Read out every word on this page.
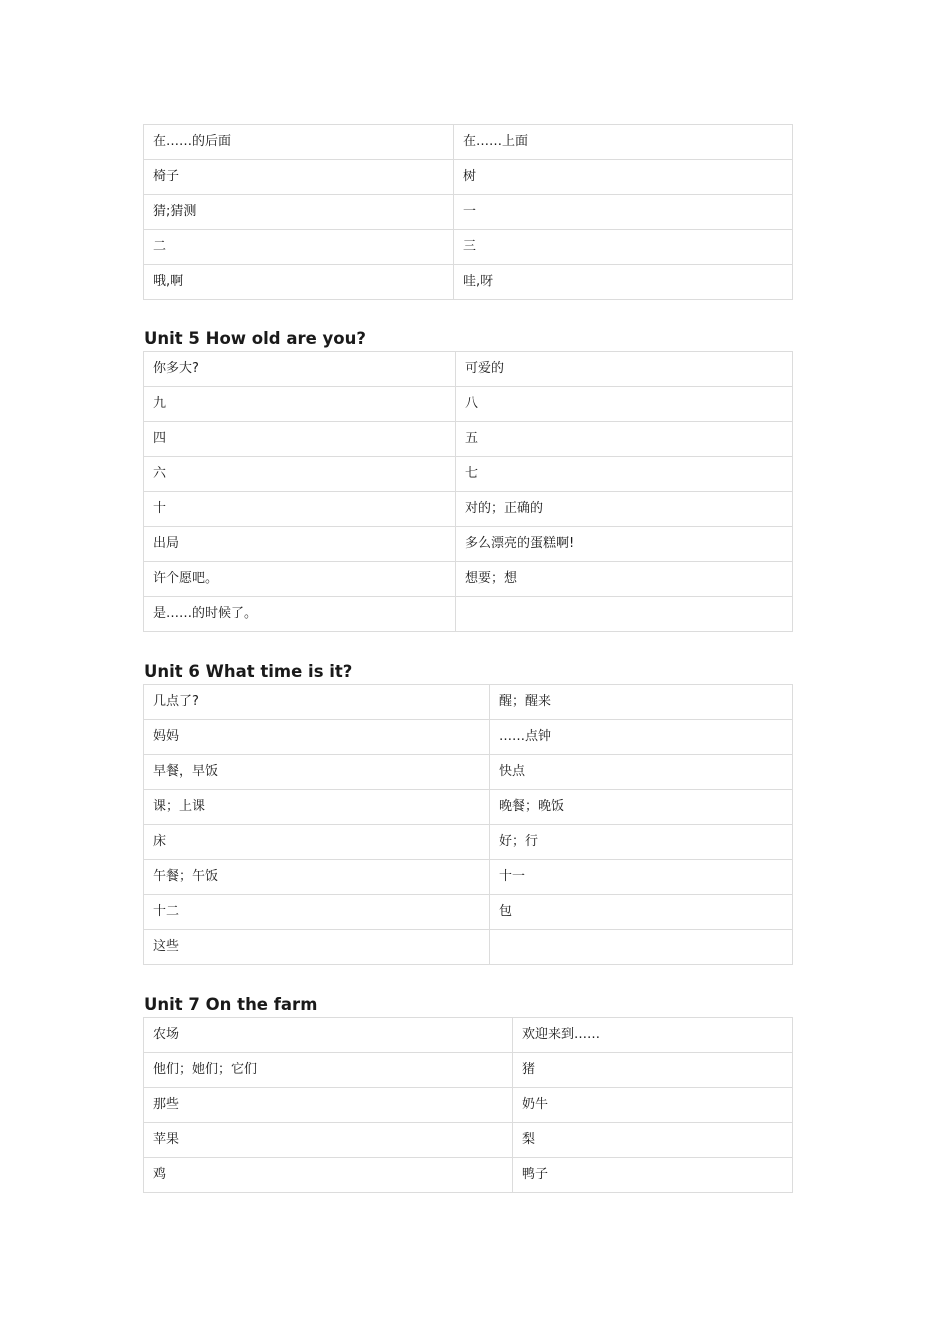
在……的后面	在……上面
椅子	树
猜;猜测	一
二	三
哦,啊	哇,呀
Unit 5 How old are you?
你多大?	可爱的
九	八
四	五
六	七
十	对的；正确的
出局	多么漂亮的蛋糕啊!
许个愿吧。	想要；想
是……的时候了。	
Unit 6 What time is it?
几点了?	醒；醒来
妈妈	……点钟
早餐，早饭	快点
课；上课	晚餐；晚饭
床	好；行
午餐；午饭	十一
十二	包
这些	
Unit 7 On the farm
农场	欢迎来到……
他们；她们；它们	猪
那些	奶牛
苹果	梨
鸡	鸭子
